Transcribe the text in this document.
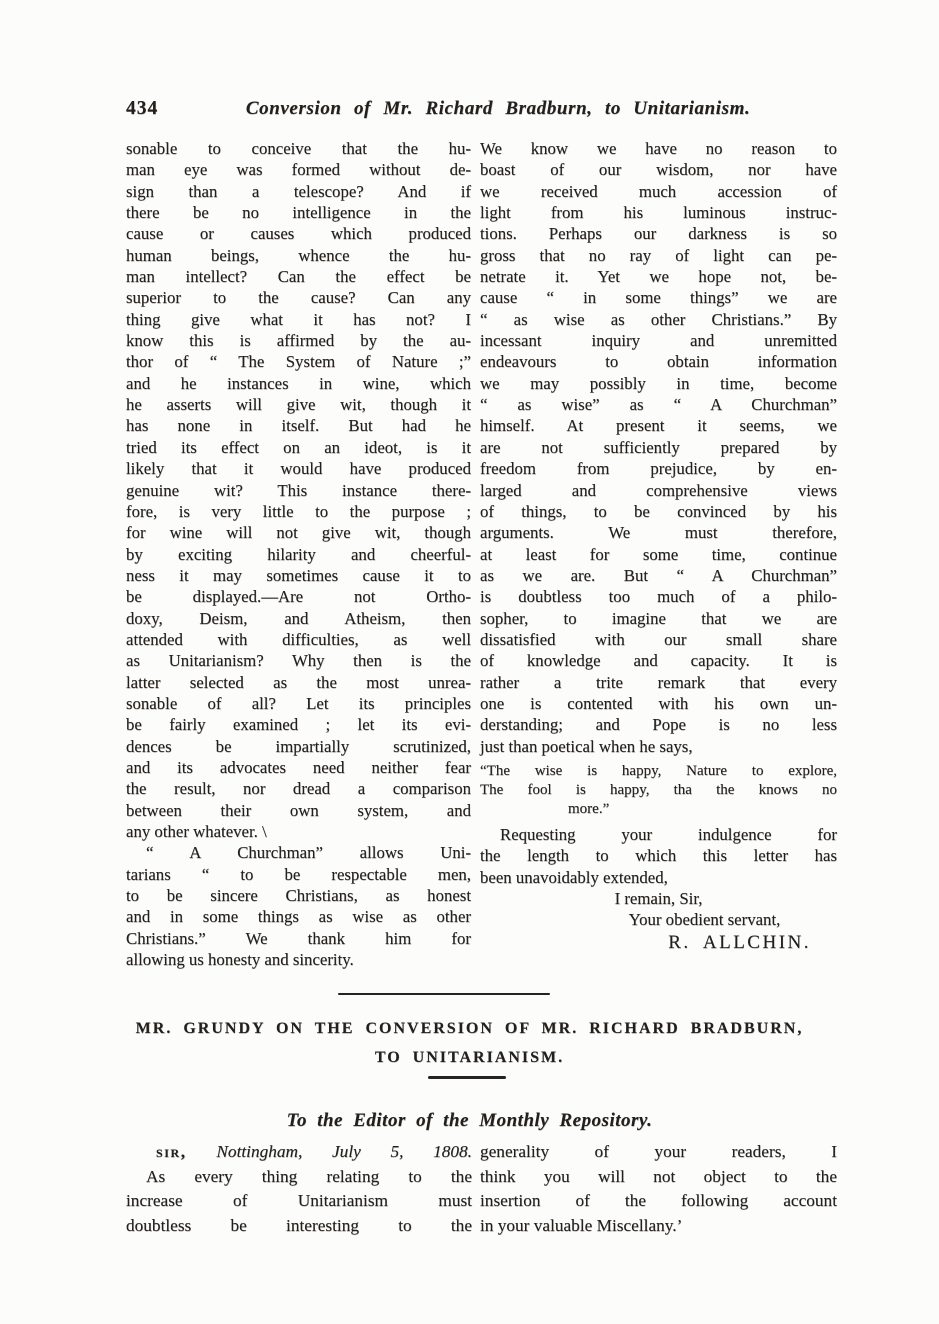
434	Conversion of Mr. Richard Bradburn, to Unitarianism.
sonable to conceive that the hu-
man eye was formed without de-
sign than a telescope? And if
there be no intelligence in the
cause or causes which produced
human beings, whence the hu-
man intellect? Can the effect be
superior to the cause? Can any
thing give what it has not? I
know this is affirmed by the au-
thor of “ The System of Nature ;”
and he instances in wine, which
he asserts will give wit, though it
has none in itself. But had he
tried its effect on an ideot, is it
likely that it would have produced
genuine wit? This instance there-
fore, is very little to the purpose ;
for wine will not give wit, though
by exciting hilarity and cheerful-
ness it may sometimes cause it to
be displayed.—Are not Ortho-
doxy, Deism, and Atheism, then
attended with difficulties, as well
as Unitarianism? Why then is the
latter selected as the most unrea-
sonable of all? Let its principles
be fairly examined ; let its evi-
dences be impartially scrutinized,
and its advocates need neither fear
the result, nor dread a comparison
between their own system, and
any other whatever. \
“ A Churchman” allows Uni-
tarians “ to be respectable men,
to be sincere Christians, as honest
and in some things as wise as other
Christians.” We thank him for
allowing us honesty and sincerity.
We know we have no reason to
boast of our wisdom, nor have
we received much accession of
light from his luminous instruc-
tions. Perhaps our darkness is so
gross that no ray of light can pe-
netrate it. Yet we hope not, be-
cause “ in some things” we are
“ as wise as other Christians.” By
incessant inquiry and unremitted
endeavours to obtain information
we may possibly in time, become
“ as wise” as “ A Churchman”
himself. At present it seems, we
are not sufficiently prepared by
freedom from prejudice, by en-
larged and comprehensive views
of things, to be convinced by his
arguments. We must therefore,
at least for some time, continue
as we are. But “ A Churchman”
is doubtless too much of a philo-
sopher, to imagine that we are
dissatisfied with our small share
of knowledge and capacity. It is
rather a trite remark that every
one is contented with his own un-
derstanding; and Pope is no less
just than poetical when he says,
“The wise is happy, Nature to explore,
The fool is happy, tha the knows no
more.”
Requesting your indulgence for
the length to which this letter has
been unavoidably extended,
I remain, Sir,
Your obedient servant,
R. ALLCHIN.
MR. GRUNDY ON THE CONVERSION OF MR. RICHARD BRADBURN,
TO UNITARIANISM.
To the Editor of the Monthly Repository.
sir, Nottingham, July 5, 1808.
As every thing relating to the
increase of Unitarianism must
doubtless be interesting to the
generality of your readers, I
think you will not object to the
insertion of the following account
in your valuable Miscellany.’
